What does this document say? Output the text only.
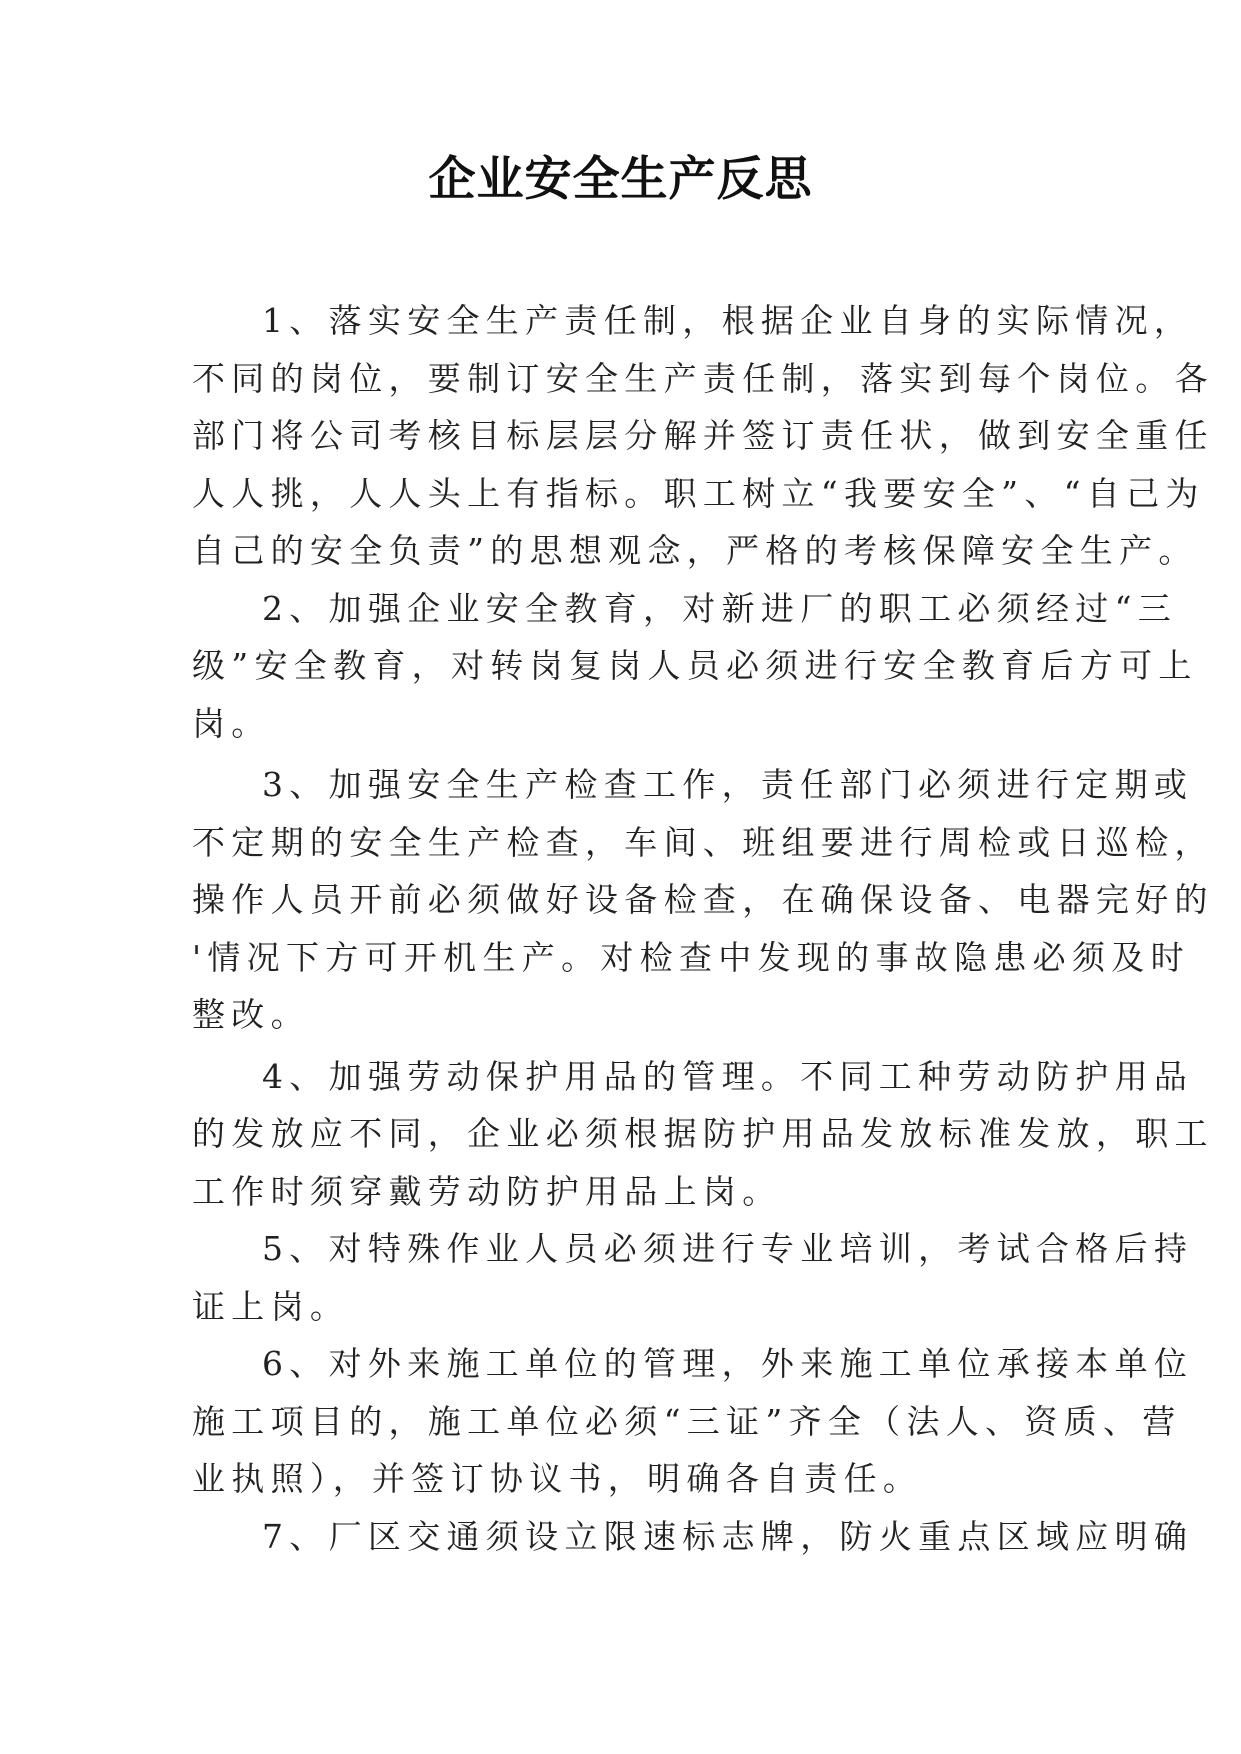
企业安全生产反思
1、落实安全生产责任制，根据企业自身的实际情况，
不同的岗位，要制订安全生产责任制，落实到每个岗位。各
部门将公司考核目标层层分解并签订责任状，做到安全重任
人人挑，人人头上有指标。职工树立“我要安全”、“自己为
自己的安全负责”的思想观念，严格的考核保障安全生产。
2、加强企业安全教育，对新进厂的职工必须经过“三
级”安全教育，对转岗复岗人员必须进行安全教育后方可上
岗。
3、加强安全生产检查工作，责任部门必须进行定期或
不定期的安全生产检查，车间、班组要进行周检或日巡检，
操作人员开前必须做好设备检查，在确保设备、电器完好的
'情况下方可开机生产。对检查中发现的事故隐患必须及时
整改。
4、加强劳动保护用品的管理。不同工种劳动防护用品
的发放应不同，企业必须根据防护用品发放标准发放，职工
工作时须穿戴劳动防护用品上岗。
5、对特殊作业人员必须进行专业培训，考试合格后持
证上岗。
6、对外来施工单位的管理，外来施工单位承接本单位
施工项目的，施工单位必须“三证”齐全（法人、资质、营
业执照），并签订协议书，明确各自责任。
7、厂区交通须设立限速标志牌，防火重点区域应明确
